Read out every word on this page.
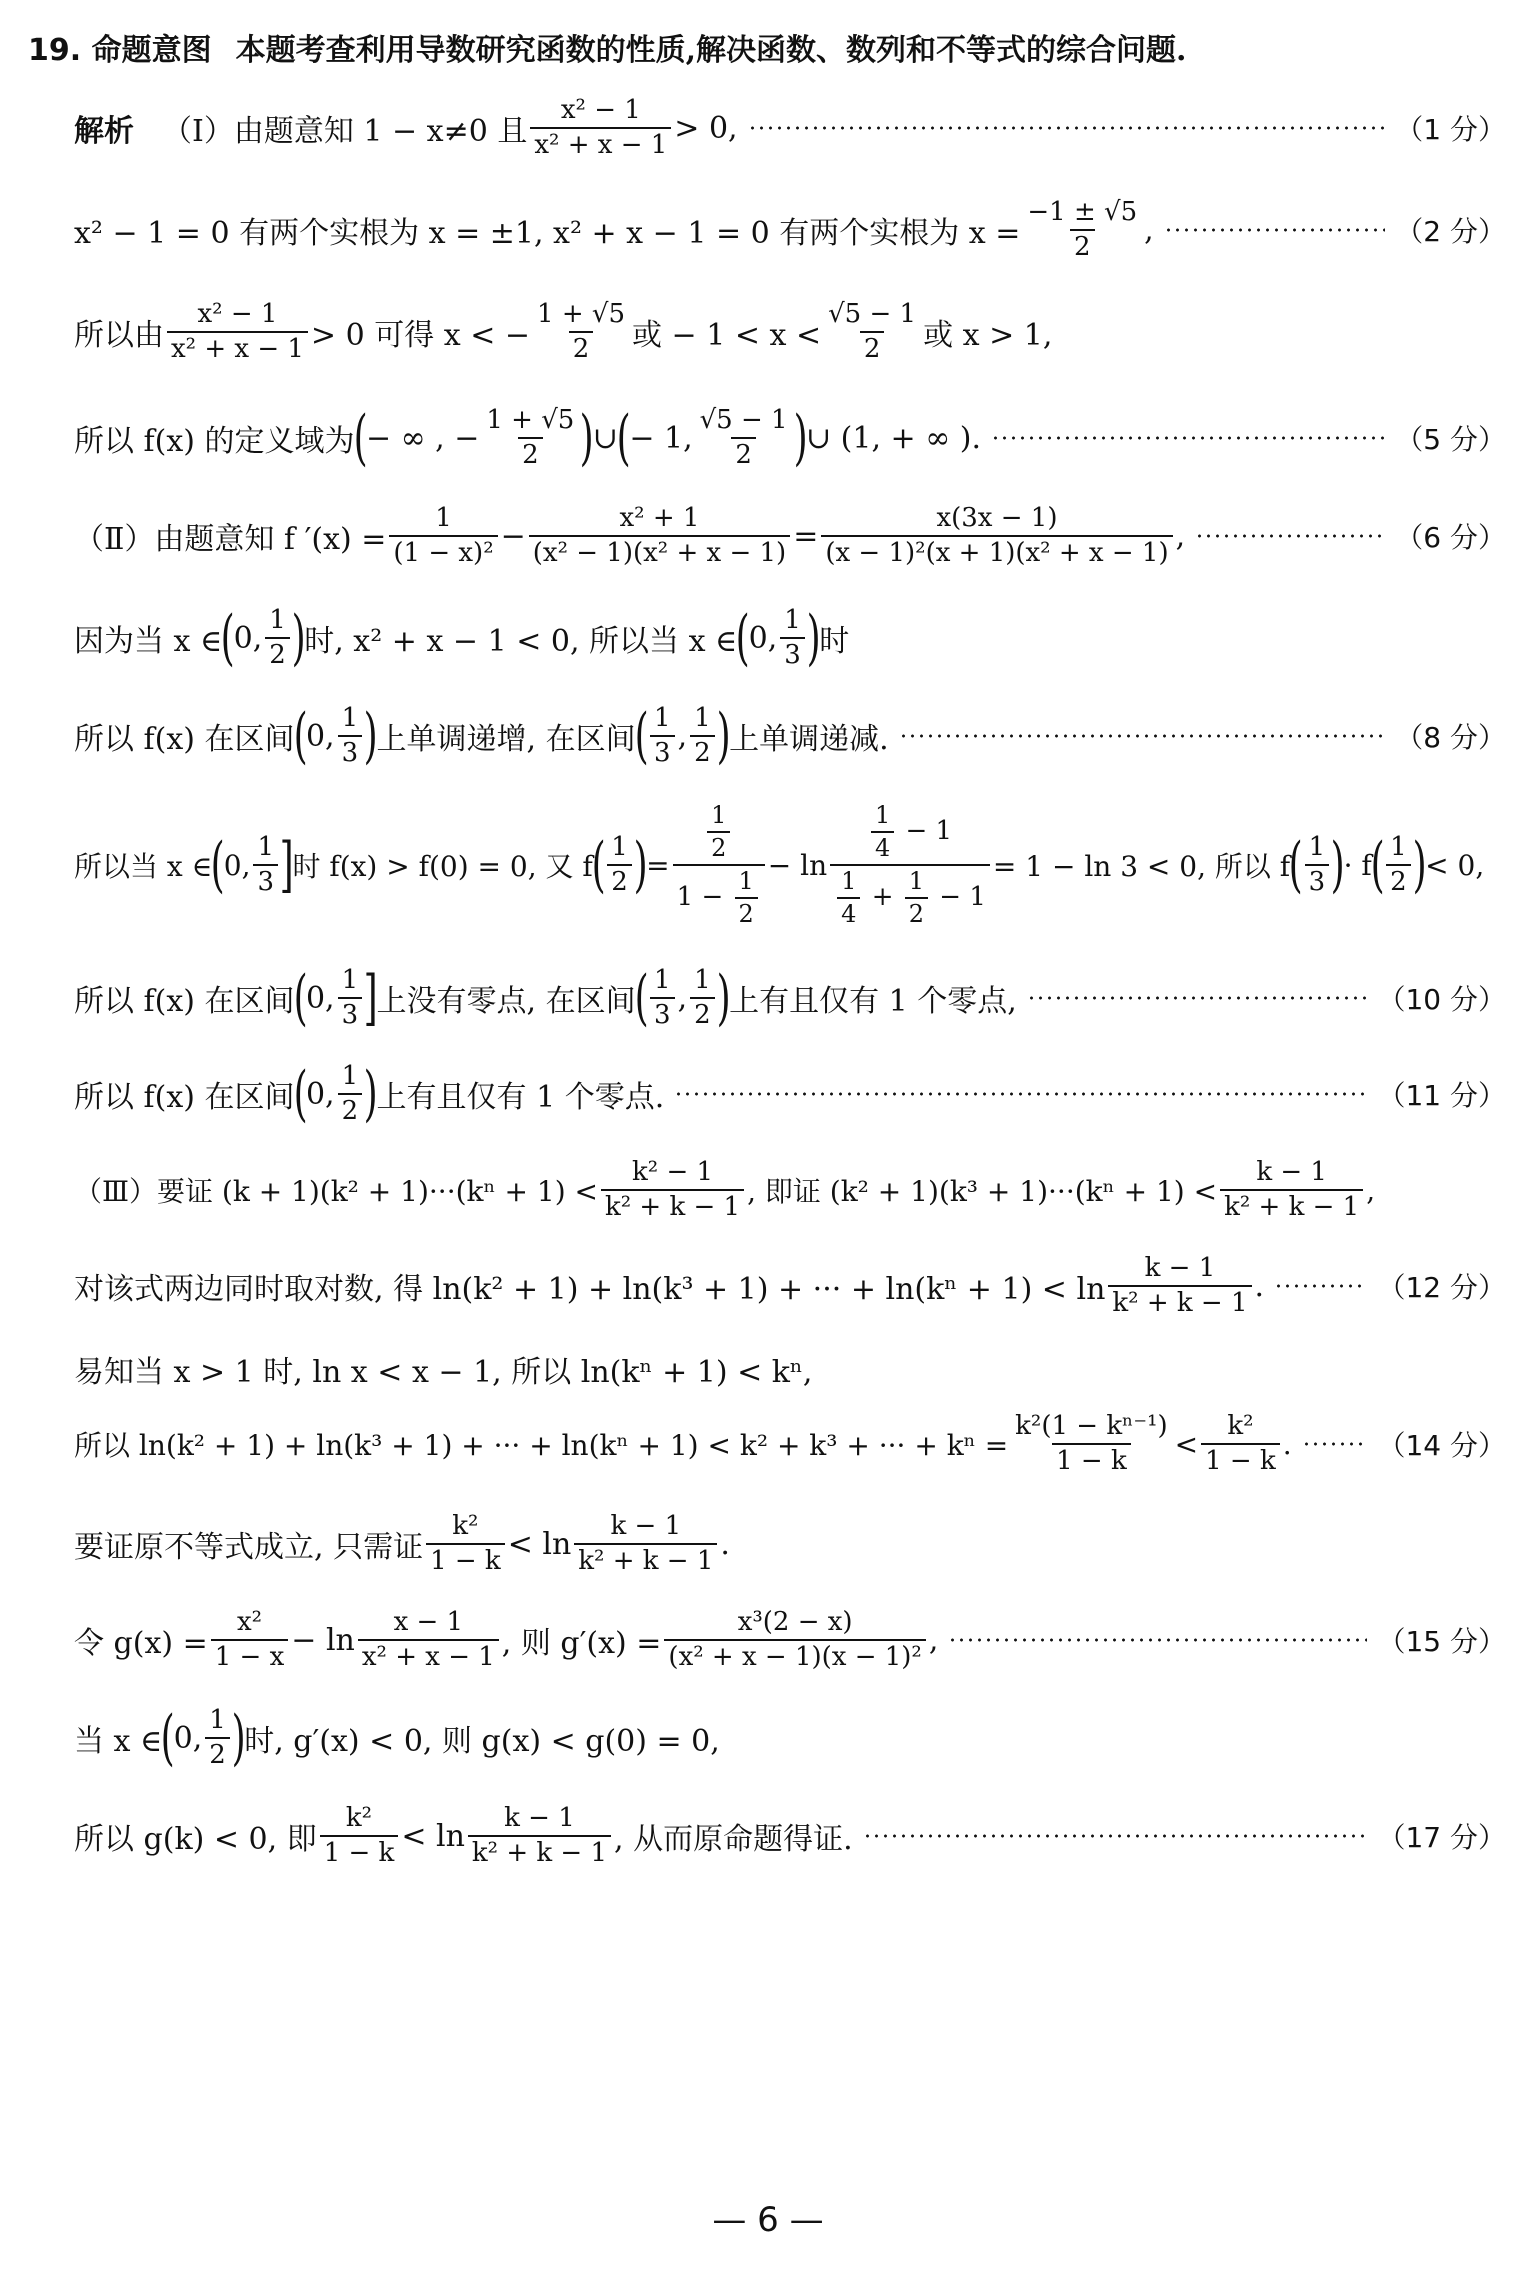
19. 命题意图 本题考查利用导数研究函数的性质,解决函数、数列和不等式的综合问题.
解析 （Ⅰ）由题意知 1 − x≠0 且 $\frac{\text{x² − 1}}{\text{x² + x − 1}} > 0$,	（1 分）
x² − 1 = 0 有两个实根为 x = ±1, x² + x − 1 = 0 有两个实根为 $x = \frac{-1 \pm √5}{2}$ ,	（2 分）
所以由 $\frac{\text{x² − 1}}{\text{x² + x − 1}} > 0$ 可得 x < − $\frac{1 + √5}{2}$ 或 − $1 < x < \frac{√5 - 1}{2}$ 或 x > 1,
所以 f(x) 的定义域为
(
− ∞ , − $\frac{1 + √5}{2}$ )
∪
(
− 1, $\frac{√5 - 1}{2}$ )
∪ (1, + ∞ ).	（5 分）
（Ⅱ）由题意知 f $'(x) = \frac{1}{\text{(1 − x)²}} - \frac{\text{x² + 1}}{\text{(x² − 1)(x² + x − 1)}} = \frac{x(3x - 1)}{\text{(x − 1)²(x + 1)(x² + x − 1)}}$ ,	（6 分）
因为当 x ∈
(
0, $\frac{1}{2}$ )
时, x² + x − 1 < 0, 所以当 x ∈
(
0, $\frac{1}{3}$ )
时
所以 f(x) 在区间
(
0, $\frac{1}{3}$ )
上单调递增, 在区间
( $\frac{1}{3}$ , $\frac{1}{2}$ )
上单调递减.	（8 分）
所以当 x ∈
(
0, $\frac{1}{3}$ ]
时 f(x) > f(0) = 0, 又 f
( $\frac{1}{2}$ )
= $\frac{\frac{1}{2}}{1 - \frac{1}{2}} - \ln \frac{\frac{1}{4} - 1}{\frac{1}{4} + \frac{1}{2} - 1} = 1 - \ln 3 < 0$, 所以 f
( $\frac{1}{3}$ )
· f
( $\frac{1}{2}$ )
< 0,
所以 f(x) 在区间
(
0, $\frac{1}{3}$ ]
上没有零点, 在区间
( $\frac{1}{3}$ , $\frac{1}{2}$ )
上有且仅有 1 个零点,	（10 分）
所以 f(x) 在区间
(
0, $\frac{1}{2}$ )
上有且仅有 1 个零点.	（11 分）
（Ⅲ）要证 $(k + 1)(k^2 + 1)\cdot\cdot\cdot(k^n + 1) < \frac{\text{k² − 1}}{\text{k² + k − 1}}$ , 即证 $(k^2 + 1)(k^3 + 1)\cdot\cdot\cdot(k^n + 1) < \frac{k - 1}{\text{k² + k − 1}}$ ,
对该式两边同时取对数, 得 ln(k² + 1) + ln(k³ + 1) + ··· + $\ln(k^n + 1) < \ln \frac{k - 1}{\text{k² + k − 1}}$ .	（12 分）
易知当 x > 1 时, ln x < x − 1, 所以 ln(kⁿ + 1) < kⁿ,
所以 ln(k² + 1) + ln(k³ + 1) + ··· + ln(kⁿ + 1) < k² + k³ + ··· + $k^n = \frac{\text{k²(1 − kⁿ⁻¹)}}{1 - k} < \frac{\text{k²}}{1 - k}$ .	（14 分）
要证原不等式成立, 只需证 $\frac{\text{k²}}{1 - k} < \ln \frac{k - 1}{\text{k² + k − 1}}$ .
令 $g(x) = \frac{\text{x²}}{1 - x} - \ln \frac{x - 1}{\text{x² + x − 1}}$ , 则 $g'(x) = \frac{\text{x³(2 − x)}}{\text{(x² + x − 1)(x − 1)²}}$ ,	（15 分）
当 x ∈
(
0, $\frac{1}{2}$ )
时, g′(x) < 0, 则 g(x) < g(0) = 0,
所以 g(k) < 0, 即 $\frac{\text{k²}}{1 - k} < \ln \frac{k - 1}{\text{k² + k − 1}}$ , 从而原命题得证.	（17 分）
— 6 —
